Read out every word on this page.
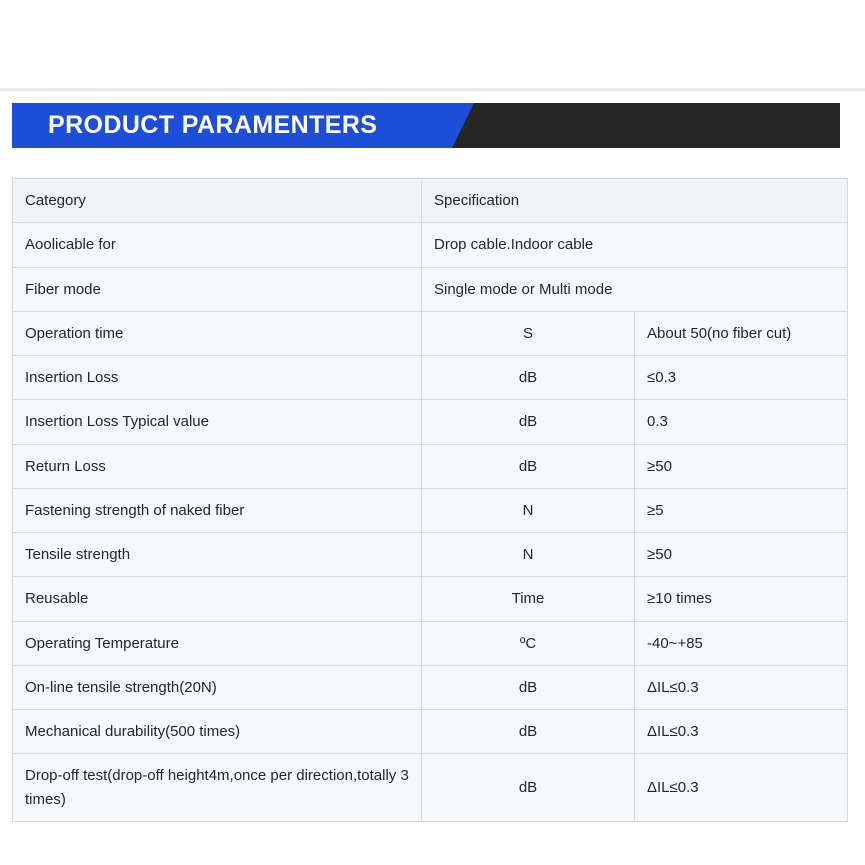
PRODUCT PARAMENTERS
Category	Specification	
Aoolicable for	Drop cable.Indoor cable	
Fiber mode	Single mode or Multi mode	
Operation time	S	About 50(no fiber cut)
Insertion Loss	dB	≤0.3
Insertion Loss Typical value	dB	0.3
Return Loss	dB	≥50
Fastening strength of naked fiber	N	≥5
Tensile strength	N	≥50
Reusable	Time	≥10 times
Operating Temperature	ºC	-40~+85
On-line tensile strength(20N)	dB	ΔIL≤0.3
Mechanical durability(500 times)	dB	ΔIL≤0.3
Drop-off test(drop-off height4m,once per direction,totally 3 times)	dB	ΔIL≤0.3
